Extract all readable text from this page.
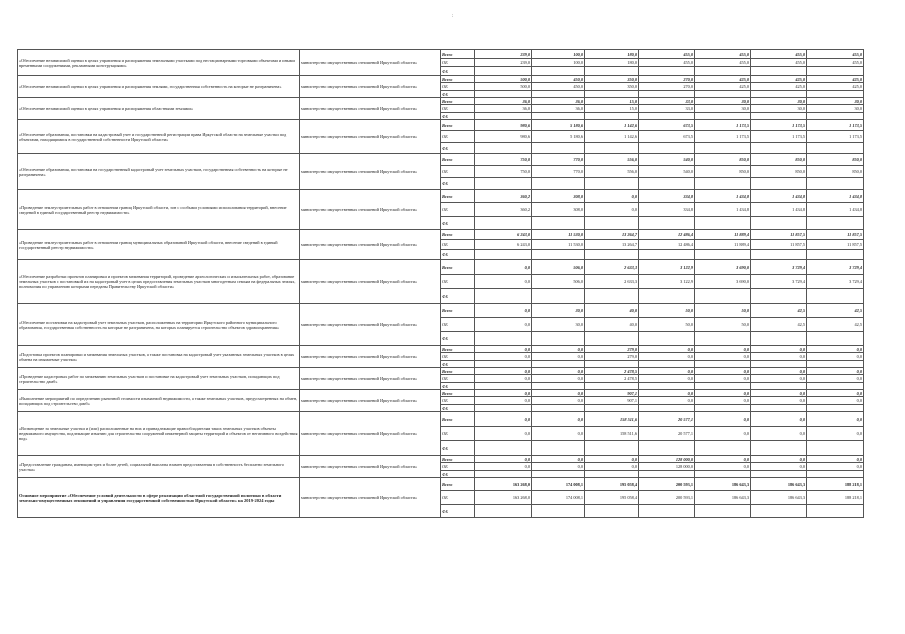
:
«Обеспечение независимой оценки в целях управления и распоряжения земельными участками под нестационарными торговыми объектами и иными временными сооружениями, рекламными конструкциями»	министерство имущественных отношений Иркутской области»	Всего	239,0	100,0	180,0	455,0	455,0	455,0	455,0
		ОБ	239,0	100,0	180,0	455,0	455,0	455,0	455,0
		ФБ							
«Обеспечение независимой оценки в целях управления и распоряжения землями, государственная собственность на которые не разграничена»	министерство имущественных отношений Иркутской области»	Всего	500,0	450,0	350,0	270,0	425,0	425,0	425,0
		ОБ	500,0	450,0	350,0	270,0	425,0	425,0	425,0
		ФБ							
«Обеспечение независимой оценки в целях управления и распоряжения областными землями»	министерство имущественных отношений Иркутской области»	Всего	36,0	36,0	15,0	33,0	30,0	30,0	30,0
		ОБ	36,0	36,0	15,0	33,0	30,0	30,0	30,0
		ФБ							
«Обеспечение образования, постановки на кадастровый учет и государственной регистрации права Иркутской области на земельные участки под объектами, находящимися в государственной собственности Иркутской области»	министерство имущественных отношений Иркутской области»	Всего	980,6	5 180,6	1 142,6	673,5	1 173,5	1 173,5	1 173,5
		ОБ	980,6	5 180,6	1 142,6	673,5	1 173,5	1 173,5	1 173,5
		ФБ							
«Обеспечение образования, постановки на государственный кадастровый учет земельных участков, государственная собственность на которые не разграничена»	министерство имущественных отношений Иркутской области»	Всего	750,0	770,0	556,0	540,0	850,0	850,0	850,0
		ОБ	750,0	770,0	556,0	540,0	850,0	850,0	850,0
		ФБ							
«Проведение землеустроительных работ в отношении границ Иркутской области, зон с особыми условиями использования территорий, внесение сведений в единый государственный реестр недвижимости»	министерство имущественных отношений Иркутской области»	Всего	360,2	308,0	0,0	334,8	1 434,8	1 434,8	1 434,8
		ОБ	360,2	308,0	0,0	334,8	1 434,8	1 434,8	1 434,8
		ФБ							
«Проведение землеустроительных работ в отношении границ муниципальных образований Иркутской области, внесение сведений в единый государственный реестр недвижимости»	министерство имущественных отношений Иркутской области»	Всего	6 243,0	11 530,0	13 264,7	12 486,4	11 889,4	11 857,5	11 857,5
		ОБ	6 243,0	11 530,0	13 264,7	12 486,4	11 889,4	11 857,5	11 857,5
		ФБ							
«Обеспечение разработки проектов планировки и проектов межевания территорий, проведение археологических и изыскательных работ, образование земельных участков с постановкой их на кадастровый учет в целях предоставления земельных участков многодетным семьям на федеральных землях, полномочия по управлению которыми переданы Правительству Иркутской области»	министерство имущественных отношений Иркутской области»	Всего	0,0	506,0	2 633,3	3 122,9	3 690,0	3 729,4	3 729,4
		ОБ	0,0	506,0	2 633,3	3 122,9	3 690,0	3 729,4	3 729,4
		ФБ							
«Обеспечение постановки на кадастровый учет земельных участков, расположенных на территории Иркутского районного муниципального образования, государственная собственность на которые не разграничена, на которых планируется строительство объектов здравоохранения»	министерство имущественных отношений Иркутской области»	Всего	0,0	30,0	40,0	50,0	50,0	42,5	42,5
		ОБ	0,0	30,0	40,0	50,0	50,0	42,5	42,5
		ФБ							
«Подготовка проектов планировки и межевания земельных участков, а также постановка на кадастровый учет указанных земельных участков в целях обмена на изымаемые участки»	министерство имущественных отношений Иркутской области»	Всего	0,0	0,0	279,0	0,0	0,0	0,0	0,0
		ОБ	0,0	0,0	279,0	0,0	0,0	0,0	0,0
		ФБ							
«Проведение кадастровых работ по межеванию земельных участков и постановке на кадастровый учет земельных участков, попадающих под строительство дамб»	министерство имущественных отношений Иркутской области»	Всего	0,0	0,0	2 478,5	0,0	0,0	0,0	0,0
		ОБ	0,0	0,0	2 478,5	0,0	0,0	0,0	0,0
		ФБ							
«Выполнение мероприятий по определению рыночной стоимости изымаемой недвижимости, а также земельных участков, предусмотренных на обмен, попадающих под строительство дамб»	министерство имущественных отношений Иркутской области»	Всего	0,0	0,0	907,1	0,0	0,0	0,0	0,0
		ОБ	0,0	0,0	907,1	0,0	0,0	0,0	0,0
		ФБ							
«Возмещение за земельные участки и (или) расположенные на них и принадлежащие правообладателям таких земельных участков объекты недвижимого имущества, подлежащие изъятию для строительства сооружений инженерной защиты территорий и объектов от негативного воздействия вод»	министерство имущественных отношений Иркутской области»	Всего	0,0	0,0	158 511,6	20 577,1	0,0	0,0	0,0
		ОБ	0,0	0,0	158 511,6	20 577,1	0,0	0,0	0,0
		ФБ							
«Предоставление гражданам, имеющим трех и более детей, социальной выплаты взамен предоставления в собственность бесплатно земельного участка»	министерство имущественных отношений Иркутской области»	Всего	0,0	0,0	0,0	128 000,0	0,0	0,0	0,0
		ОБ	0,0	0,0	0,0	128 000,0	0,0	0,0	0,0
		ФБ							
Основное мероприятие «Обеспечение условий деятельности в сфере реализации областной государственной политики в области земельно-имущественных отношений и управления государственной собственностью Иркутской области» на 2019-2024 годы	министерство имущественных отношений Иркутской области»	Всего	163 268,0	174 008,1	195 058,4	200 593,1	186 643,3	186 643,3	188 218,1
		ОБ	163 268,0	174 008,1	195 058,4	200 593,1	186 643,3	186 643,3	188 218,1
		ФБ							
